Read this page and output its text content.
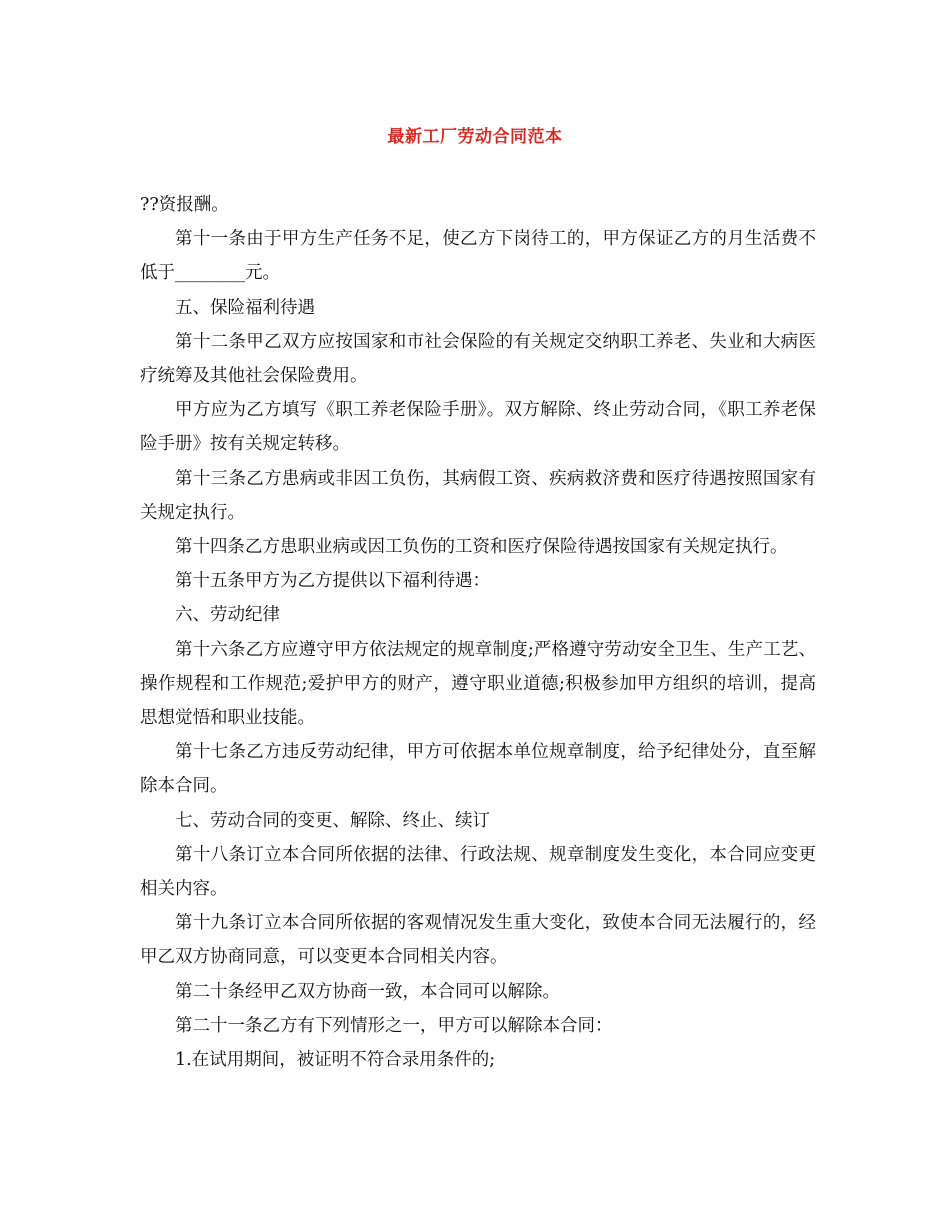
最新工厂劳动合同范本

??资报酬。

第十一条由于甲方生产任务不足，使乙方下岗待工的，甲方保证乙方的月生活费不低于________元。

五、保险福利待遇

第十二条甲乙双方应按国家和市社会保险的有关规定交纳职工养老、失业和大病医疗统筹及其他社会保险费用。

甲方应为乙方填写《职工养老保险手册》。双方解除、终止劳动合同，《职工养老保险手册》按有关规定转移。

第十三条乙方患病或非因工负伤，其病假工资、疾病救济费和医疗待遇按照国家有关规定执行。

第十四条乙方患职业病或因工负伤的工资和医疗保险待遇按国家有关规定执行。

第十五条甲方为乙方提供以下福利待遇：

六、劳动纪律

第十六条乙方应遵守甲方依法规定的规章制度;严格遵守劳动安全卫生、生产工艺、操作规程和工作规范;爱护甲方的财产，遵守职业道德;积极参加甲方组织的培训，提高思想觉悟和职业技能。

第十七条乙方违反劳动纪律，甲方可依据本单位规章制度，给予纪律处分，直至解除本合同。

七、劳动合同的变更、解除、终止、续订

第十八条订立本合同所依据的法律、行政法规、规章制度发生变化，本合同应变更相关内容。

第十九条订立本合同所依据的客观情况发生重大变化，致使本合同无法履行的，经甲乙双方协商同意，可以变更本合同相关内容。

第二十条经甲乙双方协商一致，本合同可以解除。

第二十一条乙方有下列情形之一，甲方可以解除本合同：

1.在试用期间，被证明不符合录用条件的;
